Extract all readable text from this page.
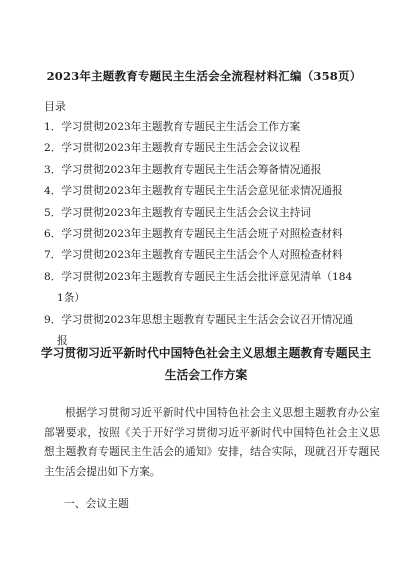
2023年主题教育专题民主生活会全流程材料汇编（358页）
目录
1．学习贯彻2023年主题教育专题民主生活会工作方案
2．学习贯彻2023年主题教育专题民主生活会会议议程
3．学习贯彻2023年主题教育专题民主生活会筹备情况通报
4．学习贯彻2023年主题教育专题民主生活会意见征求情况通报
5．学习贯彻2023年主题教育专题民主生活会会议主持词
6．学习贯彻2023年主题教育专题民主生活会班子对照检查材料
7．学习贯彻2023年主题教育专题民主生活会个人对照检查材料
8．学习贯彻2023年主题教育专题民主生活会批评意见清单（184
1条）
9．学习贯彻2023年思想主题教育专题民主生活会会议召开情况通
报
学习贯彻习近平新时代中国特色社会主义思想主题教育专题民主
生活会工作方案

根据学习贯彻习近平新时代中国特色社会主义思想主题教育办公室部署要求，按照《关于开好学习贯彻习近平新时代中国特色社会主义思想主题教育专题民主生活会的通知》安排，结合实际，现就召开专题民主生活会提出如下方案。

一、会议主题
